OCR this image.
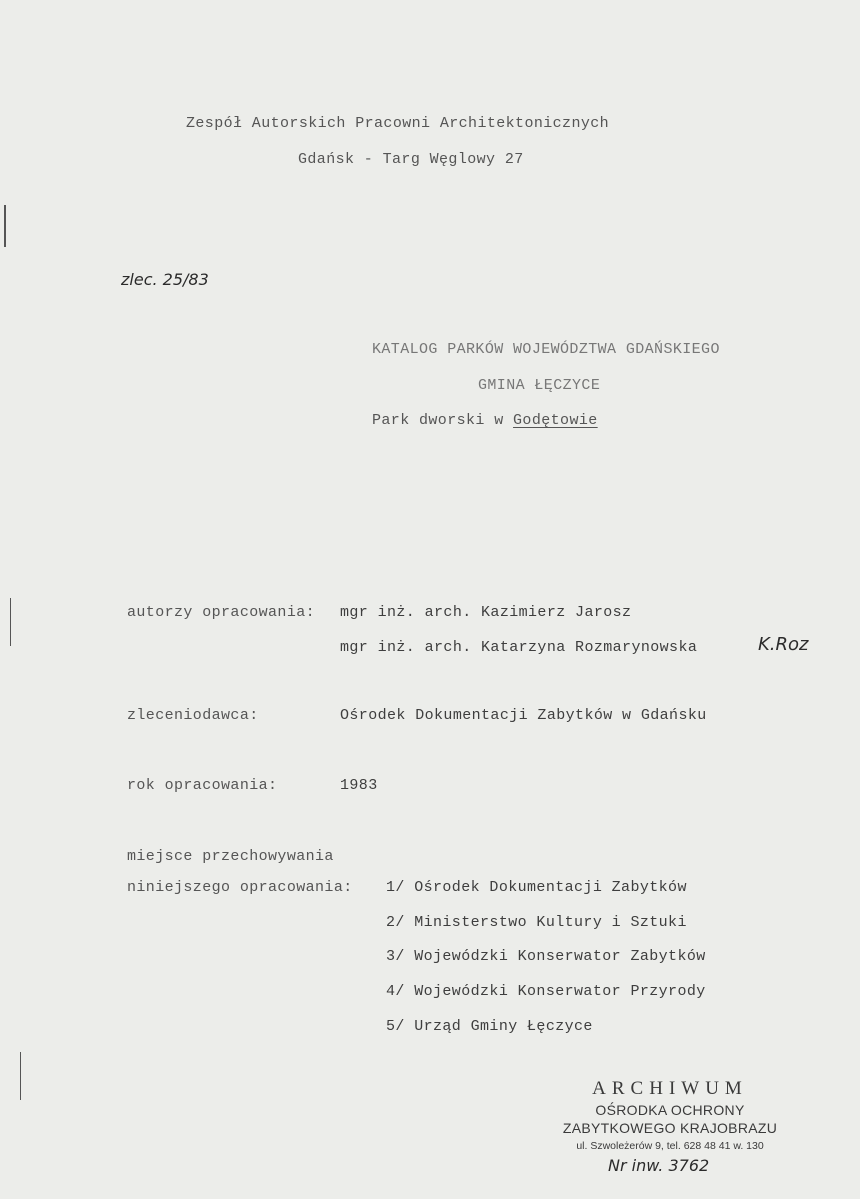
Zespół Autorskich Pracowni Architektonicznych
Gdańsk - Targ Węglowy 27
zlec. 25/83
KATALOG PARKÓW WOJEWÓDZTWA GDAŃSKIEGO
GMINA ŁĘCZYCE
Park dworski w Godętowie
autorzy opracowania: mgr inż. arch. Kazimierz Jarosz
mgr inż. arch. Katarzyna Rozmarynowska	K.Roz
zleceniodawca:	Ośrodek Dokumentacji Zabytków w Gdańsku
rok opracowania:	1983
miejsce przechowywania
niniejszego opracowania: 1/ Ośrodek Dokumentacji Zabytków
2/ Ministerstwo Kultury i Sztuki
3/ Wojewódzki Konserwator Zabytków
4/ Wojewódzki Konserwator Przyrody
5/ Urząd Gminy Łęczyce
ARCHIWUM
OŚRODKA OCHRONY
ZABYTKOWEGO KRAJOBRAZU
ul. Szwoleżerów 9, tel. 628 48 41 w. 130
Nr inw. 3762
